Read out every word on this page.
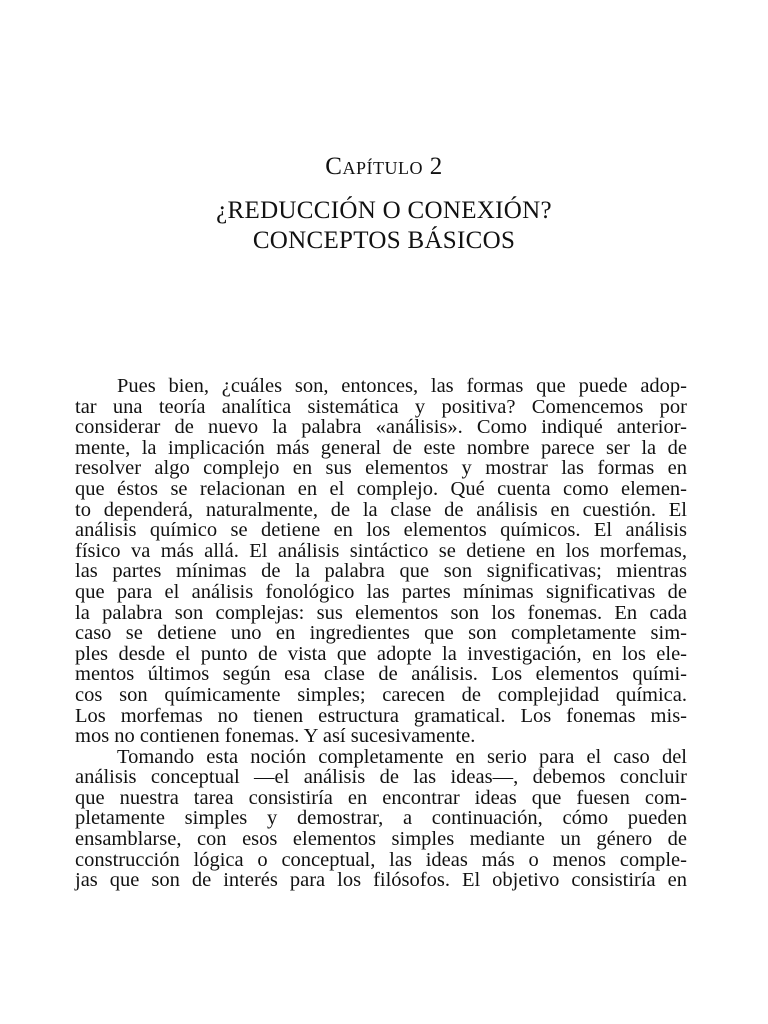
Capítulo 2
¿REDUCCIÓN O CONEXIÓN?
CONCEPTOS BÁSICOS
Pues bien, ¿cuáles son, entonces, las formas que puede adop-
tar una teoría analítica sistemática y positiva? Comencemos por
considerar de nuevo la palabra «análisis». Como indiqué anterior-
mente, la implicación más general de este nombre parece ser la de
resolver algo complejo en sus elementos y mostrar las formas en
que éstos se relacionan en el complejo. Qué cuenta como elemen-
to dependerá, naturalmente, de la clase de análisis en cuestión. El
análisis químico se detiene en los elementos químicos. El análisis
físico va más allá. El análisis sintáctico se detiene en los morfemas,
las partes mínimas de la palabra que son significativas; mientras
que para el análisis fonológico las partes mínimas significativas de
la palabra son complejas: sus elementos son los fonemas. En cada
caso se detiene uno en ingredientes que son completamente sim-
ples desde el punto de vista que adopte la investigación, en los ele-
mentos últimos según esa clase de análisis. Los elementos quími-
cos son químicamente simples; carecen de complejidad química.
Los morfemas no tienen estructura gramatical. Los fonemas mis-
mos no contienen fonemas. Y así sucesivamente.
Tomando esta noción completamente en serio para el caso del
análisis conceptual —el análisis de las ideas—, debemos concluir
que nuestra tarea consistiría en encontrar ideas que fuesen com-
pletamente simples y demostrar, a continuación, cómo pueden
ensamblarse, con esos elementos simples mediante un género de
construcción lógica o conceptual, las ideas más o menos comple-
jas que son de interés para los filósofos. El objetivo consistiría en
